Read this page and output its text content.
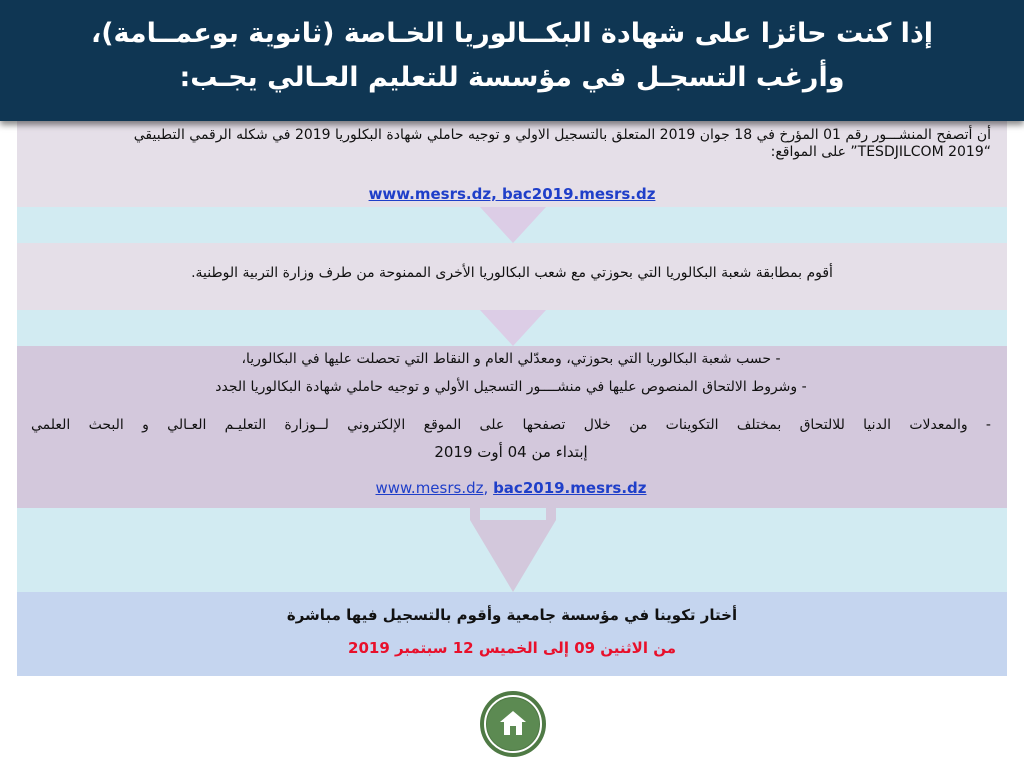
أن أتصفح المنشـــور رقم 01 المؤرخ في 18 جوان 2019 المتعلق بالتسجيل الاولي و توجيه حاملي شهادة البكلوريا 2019 في شكله الرقمي التطبيقي “TESDJILCOM 2019” على المواقع:
www.mesrs.dz, bac2019.mesrs.dz
أقوم بمطابقة شعبة البكالوريا التي بحوزتي مع شعب البكالوريا الأخرى الممنوحة من طرف وزارة التربية الوطنية.
- حسب شعبة البكالوريا التي بحوزتي، ومعدّلي العام و النقاط التي تحصلت عليها في البكالوريا،
- وشروط الالتحاق المنصوص عليها في منشــــور التسجيل الأولي و توجيه حاملي شهادة البكالوريا الجدد
- والمعدلات الدنيا للالتحاق بمختلف التكوينات من خلال تصفحها على الموقع الإلكتروني لــوزارة التعليـم العـالي و البحث العلمي
إبتداء من 04 أوت 2019
www.mesrs.dz, bac2019.mesrs.dz
أختار تكوينا في مؤسسة جامعية وأقوم بالتسجيل فيها مباشرة
من الاثنين 09 إلى الخميس 12 سبتمبر 2019
إذا كنت حائزا على شهادة البكــالوريا الخـاصة (ثانوية بوعمــامة)،
وأرغب التسجـل في مؤسسة للتعليم العـالي يجـب:
